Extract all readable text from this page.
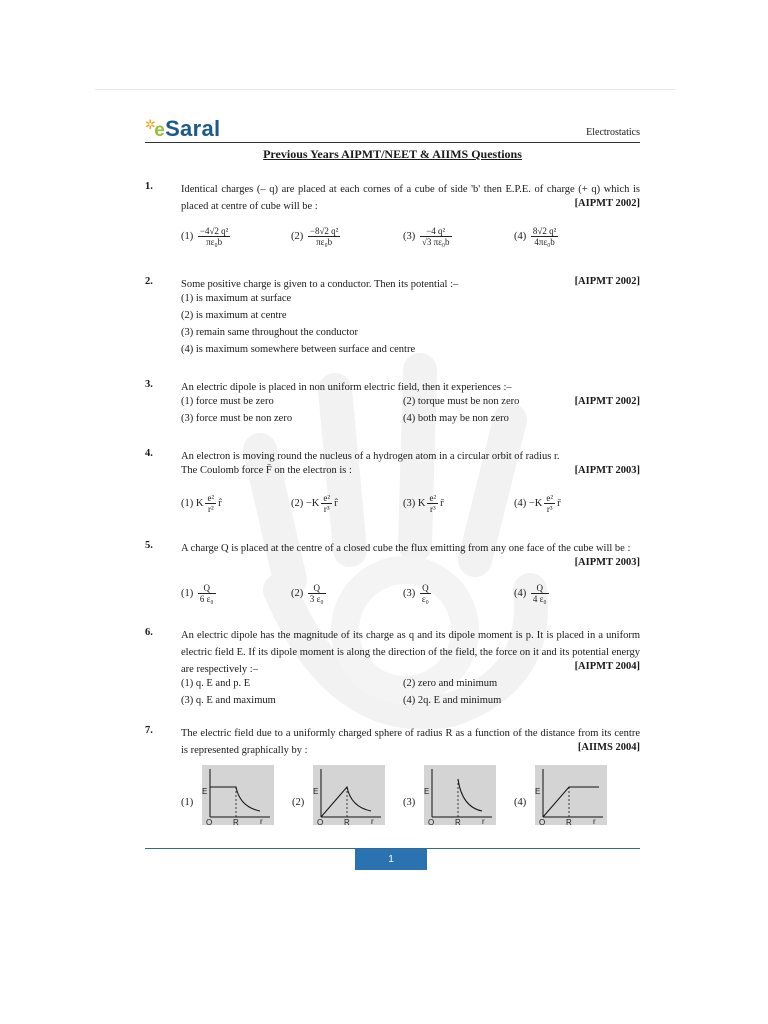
✲eSaral	Electrostatics
Previous Years AIPMT/NEET & AIIMS Questions
1.	Identical charges (– q) are placed at each cornes of a cube of side 'b' then E.P.E. of charge (+ q) which is placed at centre of cube will be :	[AIPMT 2002]
$(1) \frac{\text{−4√2 q²}}{\text{πε₀b}}$	$(2) \frac{\text{−8√2 q²}}{\text{πε₀b}}$	$(3) \frac{\text{−4 q²}}{\text{√3 πε₀b}}$	$(4) \frac{\text{8√2 q²}}{\text{4πε₀b}}$
2.	Some positive charge is given to a conductor. Then its potential :–	[AIPMT 2002]
(1) is maximum at surface
(2) is maximum at centre
(3) remain same throughout the conductor
(4) is maximum somewhere between surface and centre
3.	An electric dipole is placed in non uniform electric field, then it experiences :–
[AIPMT 2002]
(1) force must be zero	(2) torque must be non zero
(3) force must be non zero	(4) both may be non zero
4.	An electron is moving round the nucleus of a hydrogen atom in a circular orbit of radius r.
The Coulomb force F̄ on the electron is :	[AIPMT 2003]
(1) K $\frac{\text{e²}}{\text{r²}}$ r̂	$(2) -K \frac{\text{e²}}{\text{r³}}$ r̂	(3) K $\frac{\text{e²}}{\text{r³}}$ r̄	$(4) -K \frac{\text{e²}}{\text{r³}}$ r̄
5.	A charge Q is placed at the centre of a closed cube the flux emitting from any one face of the cube will be :
[AIPMT 2003]
$(1) \frac{Q}{\text{6 ε₀}}$	$(2) \frac{Q}{\text{3 ε₀}}$	$(3) \frac{Q}{\text{ε₀}}$	$(4) \frac{Q}{\text{4 ε₀}}$
6.	An electric dipole has the magnitude of its charge as q and its dipole moment is p. It is placed in a uniform electric field E. If its dipole moment is along the direction of the field, the force on it and its potential energy are respectively :–	[AIPMT 2004]
(1) q. E and p. E	(2) zero and minimum
(3) q. E and maximum	(4) 2q. E and minimum
7.	The electric field due to a uniformly charged sphere of radius R as a function of the distance from its centre is represented graphically by :	[AIIMS 2004]
(1)
E
O	R	r
(2)
E
O	R	r
(3)
E
O	R	r
(4)
E
O	R	r
1
